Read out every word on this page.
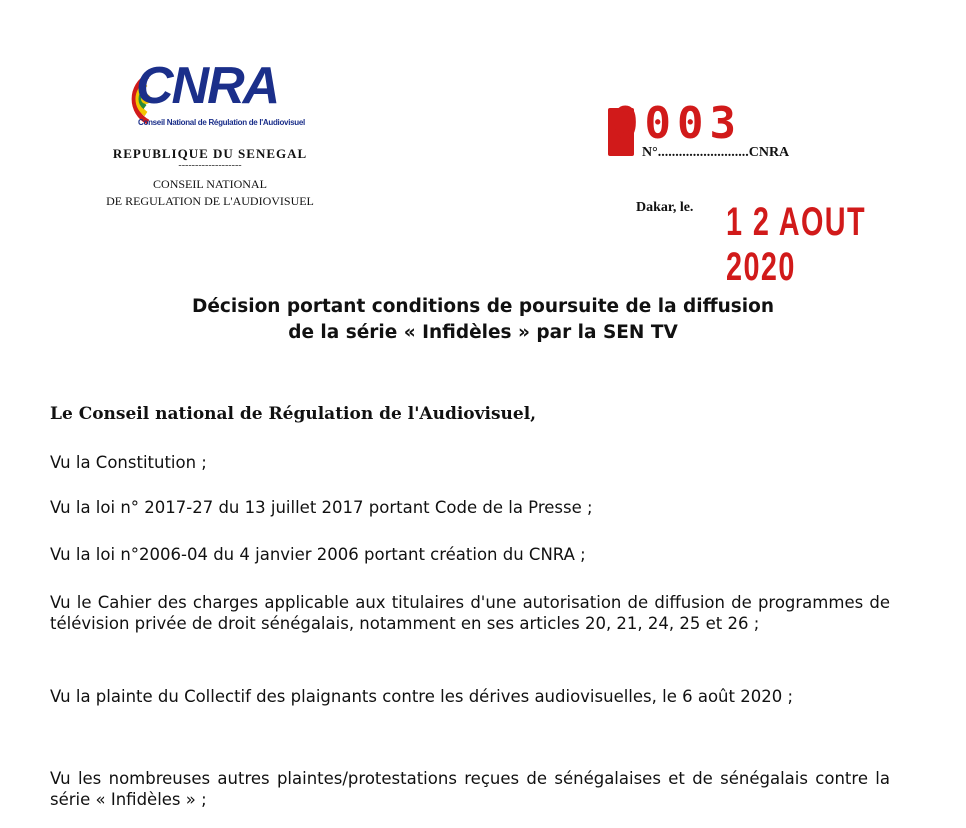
CNRA
Conseil National de Régulation de l'Audiovisuel
REPUBLIQUE DU SENEGAL
-------------------
CONSEIL NATIONAL
DE REGULATION DE L'AUDIOVISUEL
0003
N°..........................CNRA
Dakar, le. 1 2 AOUT 2020
Décision portant conditions de poursuite de la diffusion
de la série « Infidèles » par la SEN TV
Le Conseil national de Régulation de l'Audiovisuel,
Vu la Constitution ;
Vu la loi n° 2017-27 du 13 juillet 2017 portant Code de la Presse ;
Vu la loi n°2006-04 du 4 janvier 2006 portant création du CNRA ;
Vu le Cahier des charges applicable aux titulaires d'une autorisation de diffusion de programmes de télévision privée de droit sénégalais, notamment en ses articles 20, 21, 24, 25 et 26 ;
Vu la plainte du Collectif des plaignants contre les dérives audiovisuelles, le 6 août 2020 ;
Vu les nombreuses autres plaintes/protestations reçues de sénégalaises et de sénégalais contre la série « Infidèles » ;
